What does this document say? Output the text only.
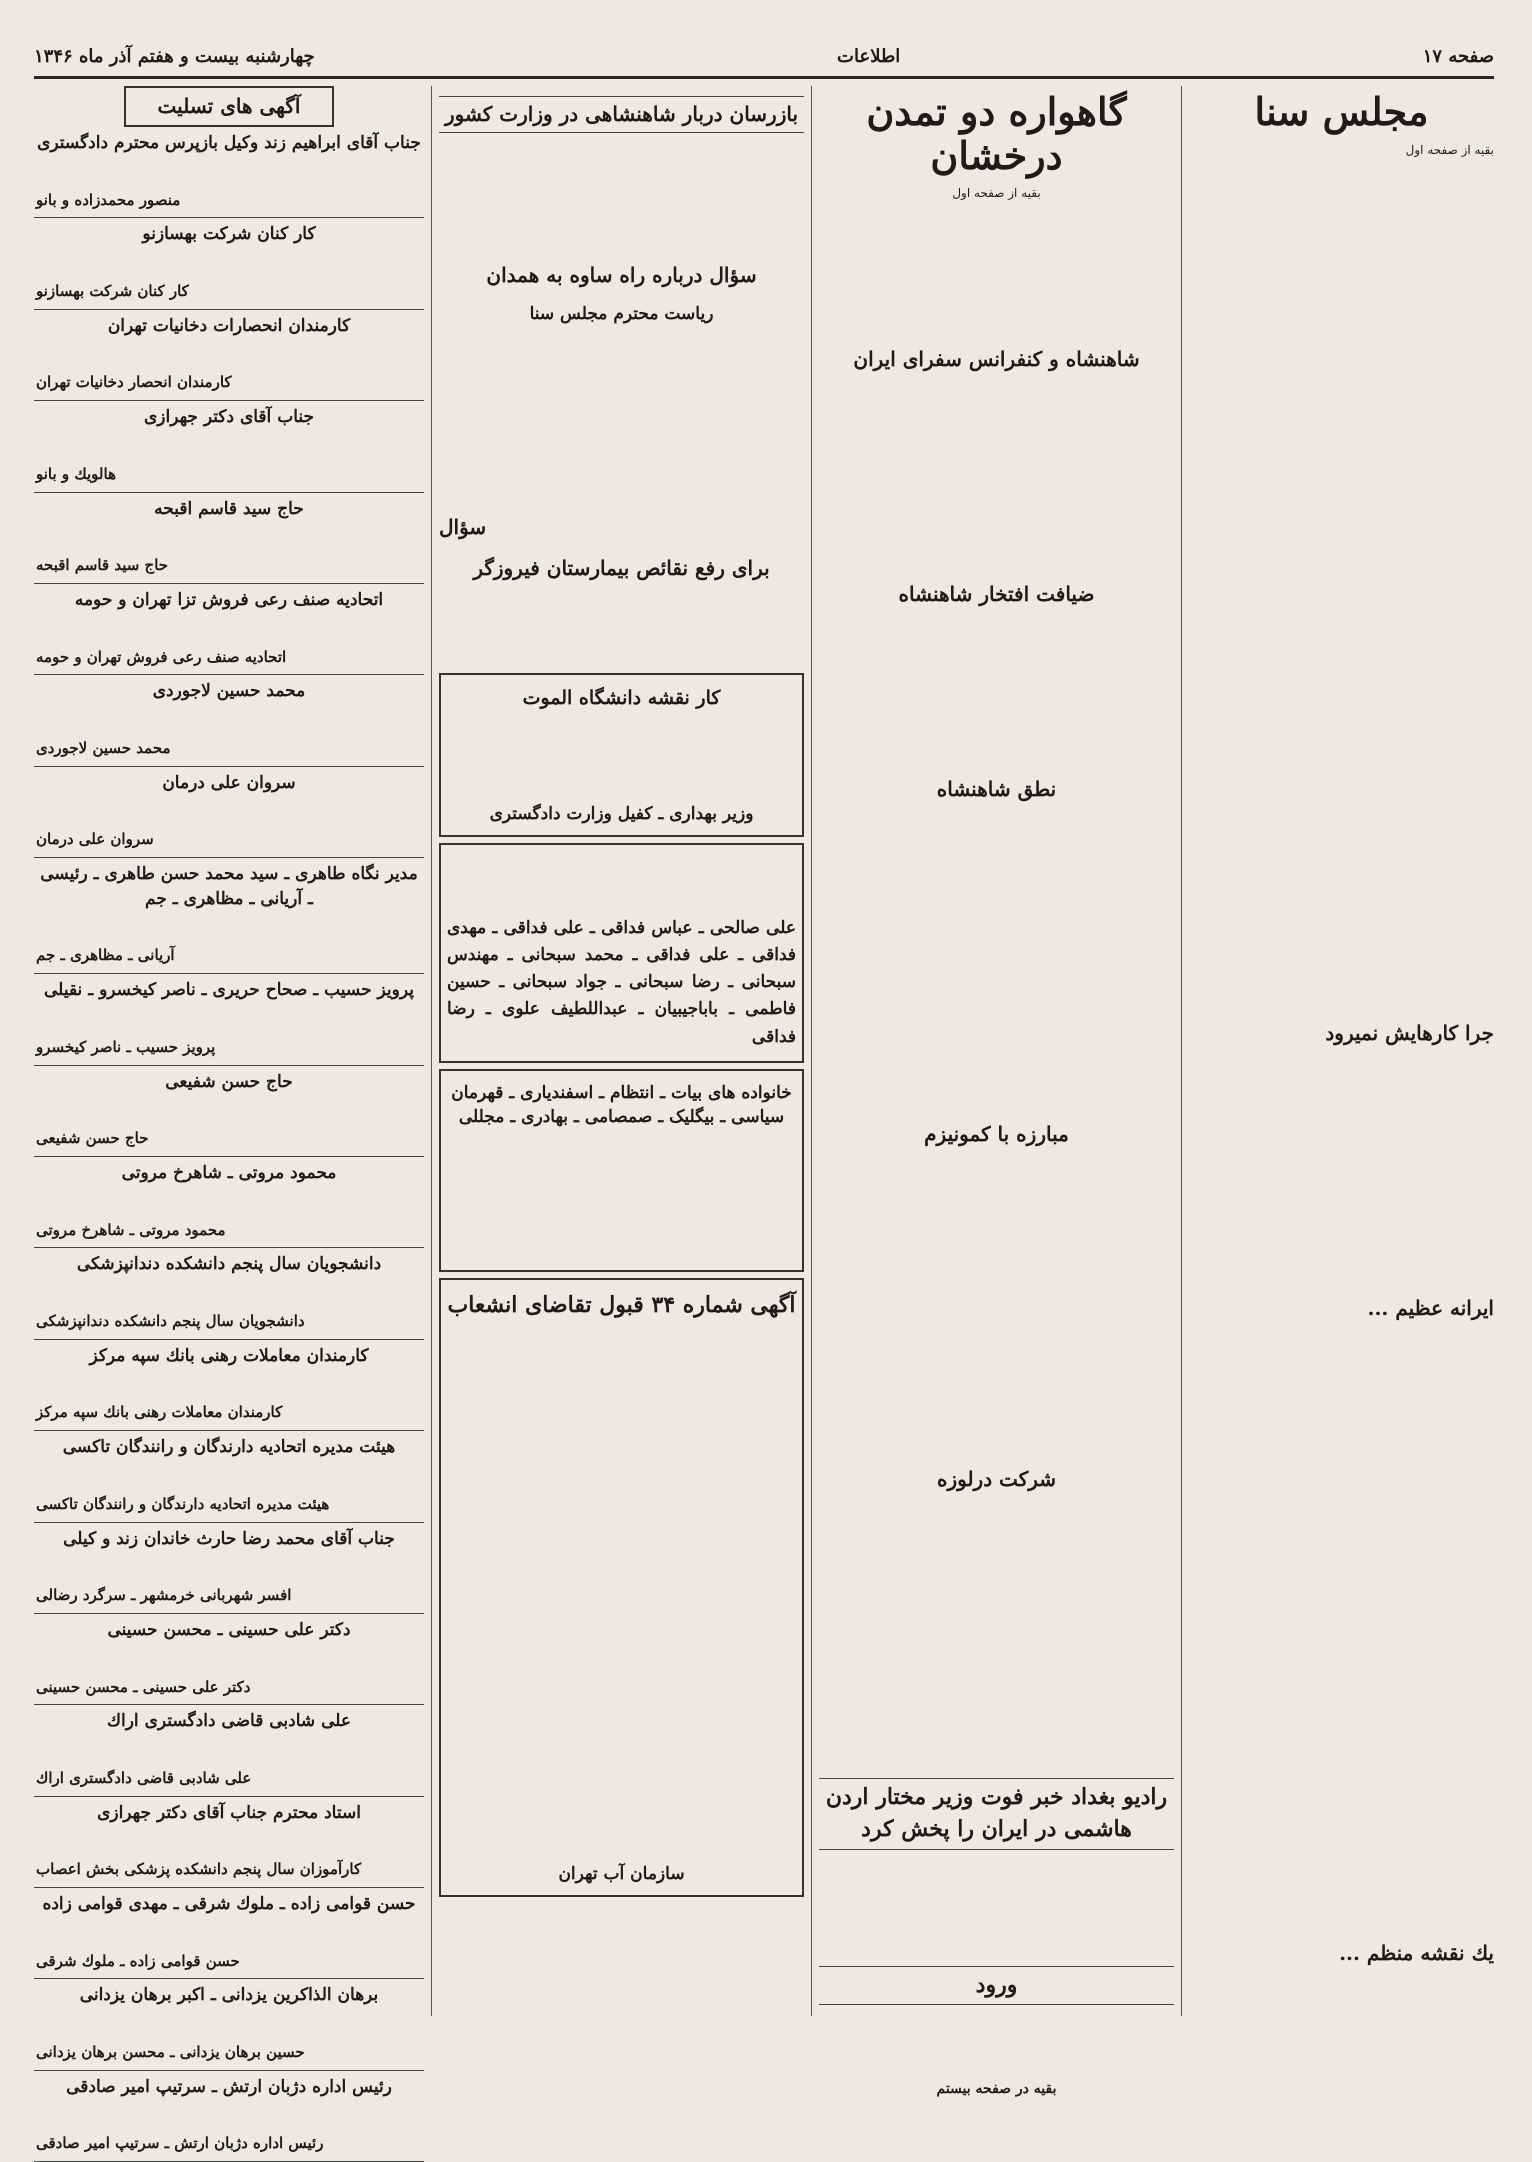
صفحه ۱۷
اطلاعات
چهارشنبه بیست و هفتم آذر ماه ۱۳۴۶
مجلس سنا
بقیه از صفحه اول

جرا کارهایش نمیرود
ایرانه عظیم ...
یك نقشه منظم ...
گاهواره دو تمدن درخشان
بقیه از صفحه اول
شاهنشاه و کنفرانس سفرای ایران
ضیافت افتخار شاهنشاه
نطق شاهنشاه
مبارزه با کمونیزم
شرکت درلوزه
رادیو بغداد خبر فوت وزیر مختار اردن هاشمی در ایران را پخش کرد
ورود
بقیه در صفحه بیستم
بازرسان دربار شاهنشاهی در وزارت کشور
سؤال درباره راه ساوه به همدان
ریاست محترم مجلس سنا
سؤال
برای رفع نقائص بیمارستان فیروزگر
کار نقشه دانشگاه الموت
وزیر بهداری ـ کفیل وزارت دادگستری
علی صالحی ـ عباس فداقی ـ علی فداقی ـ مهدی فداقی ـ علی فداقی ـ محمد سبحانی ـ مهندس سبحانی ـ رضا سبحانی ـ جواد سبحانی ـ حسین فاطمی ـ باباجیبیان ـ عبداللطیف علوی ـ رضا فداقی
خانواده های بیات ـ انتظام ـ اسفندیاری ـ قهرمان سیاسی ـ بیگلیک ـ صمصامی ـ بهادری ـ مجللی
آگهی شماره ۳۴ قبول تقاضای انشعاب
سازمان آب تهران
آگهی های تسلیت
جناب آقای ابراهیم زند وکیل بازپرس محترم دادگستری
منصور محمدزاده و بانو
کار کنان شرکت بهسازنو
کار کنان شرکت بهسازنو
کارمندان انحصارات دخانیات تهران
کارمندان انحصار دخانیات تهران
جناب آقای دکتر جهرازی
هالویك و بانو
حاج سید قاسم اقبحه
حاج سید قاسم اقبحه
اتحادیه صنف رعی فروش تزا تهران و حومه
اتحادیه صنف رعی فروش تهران و حومه
محمد حسین لاجوردی
محمد حسین لاجوردی
سروان علی درمان
سروان علی درمان
مدیر نگاه طاهری ـ سید محمد حسن طاهری ـ رئیسی ـ آریانی ـ مظاهری ـ جم
آریانی ـ مظاهری ـ جم
پرویز حسیب ـ صحاح حریری ـ ناصر کیخسرو ـ نقیلی
پرویز حسیب ـ ناصر کیخسرو
حاج حسن شفیعی
حاج حسن شفیعی
محمود مروتی ـ شاهرخ مروتی
محمود مروتی ـ شاهرخ مروتی
دانشجویان سال پنجم دانشکده دندانپزشکی
دانشجویان سال پنجم دانشکده دندانپزشکی
کارمندان معاملات رهنی بانك سپه مرکز
کارمندان معاملات رهنی بانك سپه مرکز
هیئت مدیره اتحادیه دارندگان و رانندگان تاکسی
هیئت مدیره اتحادیه دارندگان و رانندگان تاکسی
جناب آقای محمد رضا حارث خاندان زند و کیلی
افسر شهربانی خرمشهر ـ سرگرد رضالی
دکتر علی حسینی ـ محسن حسینی
دکتر علی حسینی ـ محسن حسینی
علی شادبی قاضی دادگستری اراك
علی شادبی قاضی دادگستری اراك
استاد محترم جناب آقای دکتر جهرازی
کارآموزان سال پنجم دانشکده پزشکی بخش اعصاب
حسن قوامی زاده ـ ملوك شرقی ـ مهدی قوامی زاده
حسن قوامی زاده ـ ملوك شرقی
برهان الذاکرین یزدانی ـ اکبر برهان یزدانی
حسین برهان یزدانی ـ محسن برهان یزدانی
رئیس اداره دژبان ارتش ـ سرتیپ امیر صادقی
رئیس اداره دژبان ارتش ـ سرتیپ امیر صادقی
